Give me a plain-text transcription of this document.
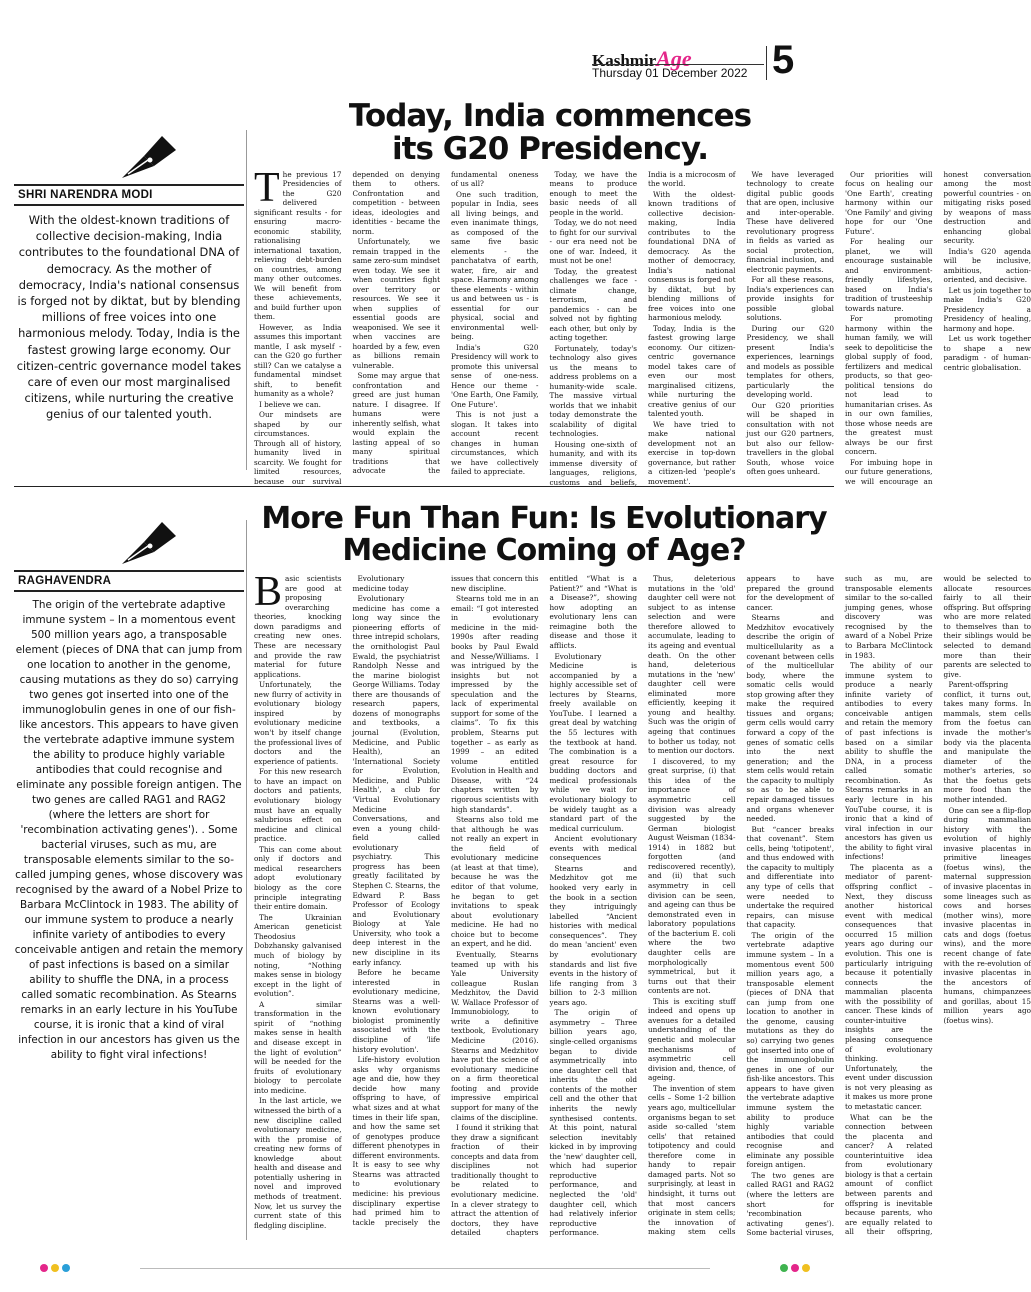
KashmirAge
Thursday 01 December 2022 5
Today, India commences
its G20 Presidency.
SHRI NARENDRA MODI
With the oldest-known traditions of collective decision-making, India contributes to the foundational DNA of democracy. As the mother of democracy, India's national consensus is forged not by diktat, but by blending millions of free voices into one harmonious melody. Today, India is the fastest growing large economy. Our citizen-centric governance model takes care of even our most marginalised citizens, while nurturing the creative genius of our talented youth.

The previous 17 Presidencies of the G20 delivered significant results - for ensuring macro-economic stability, rationalising international taxation, relieving debt-burden on countries, among many other outcomes. We will benefit from these achievements, and build further upon them.

However, as India assumes this important mantle, I ask myself - can the G20 go further still? Can we catalyse a fundamental mindset shift, to benefit humanity as a whole?

I believe we can.

Our mindsets are shaped by our circumstances. Through all of history, humanity lived in scarcity. We fought for limited resources, because our survival depended on denying them to others. Confrontation and competition - between ideas, ideologies and identities - became the norm.

Unfortunately, we remain trapped in the same zero-sum mindset even today. We see it when countries fight over territory or resources. We see it when supplies of essential goods are weaponised. We see it when vaccines are hoarded by a few, even as billions remain vulnerable.

Some may argue that confrontation and greed are just human nature. I disagree. If humans were inherently selfish, what would explain the lasting appeal of so many spiritual traditions that advocate the fundamental oneness of us all?

One such tradition, popular in India, sees all living beings, and even inanimate things, as composed of the same five basic elements - the panchatatva of earth, water, fire, air and space. Harmony among these elements - within us and between us - is essential for our physical, social and environmental well-being.

India's G20 Presidency will work to promote this universal sense of one-ness. Hence our theme - 'One Earth, One Family, One Future'.

This is not just a slogan. It takes into account recent changes in human circumstances, which we have collectively failed to appreciate.

Today, we have the means to produce enough to meet the basic needs of all people in the world.

Today, we do not need to fight for our survival - our era need not be one of war. Indeed, it must not be one!

Today, the greatest challenges we face - climate change, terrorism, and pandemics - can be solved not by fighting each other, but only by acting together.

Fortunately, today's technology also gives us the means to address problems on a humanity-wide scale. The massive virtual worlds that we inhabit today demonstrate the scalability of digital technologies.

Housing one-sixth of humanity, and with its immense diversity of languages, religions, customs and beliefs, India is a microcosm of the world.

With the oldest-known traditions of collective decision-making, India contributes to the foundational DNA of democracy. As the mother of democracy, India's national consensus is forged not by diktat, but by blending millions of free voices into one harmonious melody.

Today, India is the fastest growing large economy. Our citizen-centric governance model takes care of even our most marginalised citizens, while nurturing the creative genius of our talented youth.

We have tried to make national development not an exercise in top-down governance, but rather a citizen-led 'people's movement'.

We have leveraged technology to create digital public goods that are open, inclusive and inter-operable. These have delivered revolutionary progress in fields as varied as social protection, financial inclusion, and electronic payments.

For all these reasons, India's experiences can provide insights for possible global solutions.

During our G20 Presidency, we shall present India's experiences, learnings and models as possible templates for others, particularly the developing world.

Our G20 priorities will be shaped in consultation with not just our G20 partners, but also our fellow-travellers in the global South, whose voice often goes unheard.

Our priorities will focus on healing our 'One Earth', creating harmony within our 'One Family' and giving hope for our 'One Future'.

For healing our planet, we will encourage sustainable and environment-friendly lifestyles, based on India's tradition of trusteeship towards nature.

For promoting harmony within the human family, we will seek to depoliticise the global supply of food, fertilizers and medical products, so that geo-political tensions do not lead to humanitarian crises. As in our own families, those whose needs are the greatest must always be our first concern.

For imbuing hope in our future generations, we will encourage an honest conversation among the most powerful countries - on mitigating risks posed by weapons of mass destruction and enhancing global security.

India's G20 agenda will be inclusive, ambitious, action-oriented, and decisive.

Let us join together to make India's G20 Presidency a Presidency of healing, harmony and hope.

Let us work together to shape a new paradigm - of human-centric globalisation.

More Fun Than Fun: Is Evolutionary
Medicine Coming of Age?
RAGHAVENDRA
The origin of the vertebrate adaptive immune system – In a momentous event 500 million years ago, a transposable element (pieces of DNA that can jump from one location to another in the genome, causing mutations as they do so) carrying two genes got inserted into one of the immunoglobulin genes in one of our fish-like ancestors. This appears to have given the vertebrate adaptive immune system the ability to produce highly variable antibodies that could recognise and eliminate any possible foreign antigen. The two genes are called RAG1 and RAG2 (where the letters are short for 'recombination activating genes'). . Some bacterial viruses, such as mu, are transposable elements similar to the so-called jumping genes, whose discovery was recognised by the award of a Nobel Prize to Barbara McClintock in 1983. The ability of our immune system to produce a nearly infinite variety of antibodies to every conceivable antigen and retain the memory of past infections is based on a similar ability to shuffle the DNA, in a process called somatic recombination. As Stearns remarks in an early lecture in his YouTube course, it is ironic that a kind of viral infection in our ancestors has given us the ability to fight viral infections!

Basic scientists are good at proposing overarching theories, knocking down paradigms and creating new ones. These are necessary and provide the raw material for future applications.

Unfortunately, the new flurry of activity in evolutionary biology inspired by evolutionary medicine won't by itself change the professional lives of doctors and the experience of patients.

For this new research to have an impact on doctors and patients, evolutionary biology must have an equally salubrious effect on medicine and clinical practice.

This can come about only if doctors and medical researchers adopt evolutionary biology as the core principle integrating their entire domain.

The Ukrainian American geneticist Theodosius Dobzhansky galvanised much of biology by noting, “Nothing makes sense in biology except in the light of evolution”.

A similar transformation in the spirit of “nothing makes sense in health and disease except in the light of evolution” will be needed for the fruits of evolutionary biology to percolate into medicine.

In the last article, we witnessed the birth of a new discipline called evolutionary medicine, with the promise of creating new forms of knowledge about health and disease and potentially ushering in novel and improved methods of treatment. Now, let us survey the current state of this fledgling discipline.

Evolutionary medicine today

Evolutionary medicine has come a long way since the pioneering efforts of three intrepid scholars, the ornithologist Paul Ewald, the psychiatrist Randolph Nesse and the marine biologist George Williams. Today there are thousands of research papers, dozens of monographs and textbooks, a journal (Evolution, Medicine, and Public Health), an 'International Society for Evolution, Medicine, and Public Health', a club for 'Virtual Evolutionary Medicine Conversations, and even a young child-field called evolutionary psychiatry. This progress has been greatly facilitated by Stephen C. Stearns, the Edward P. Bass Professor of Ecology and Evolutionary Biology at Yale University, who took a deep interest in the new discipline in its early infancy.

Before he became interested in evolutionary medicine, Stearns was a well-known evolutionary biologist prominently associated with the discipline of 'life history evolution'.

Life-history evolution asks why organisms age and die, how they decide how many offspring to have, of what sizes and at what times in their life span, and how the same set of genotypes produce different phenotypes in different environments. It is easy to see why Stearns was attracted to evolutionary medicine: his previous disciplinary expertise had primed him to tackle precisely the issues that concern this new discipline.

Stearns told me in an email: “I got interested in evolutionary medicine in the mid-1990s after reading books by Paul Ewald and Nesse/Williams. I was intrigued by the insights but not impressed by the speculation and the lack of experimental support for some of the claims”. To fix this problem, Stearns put together – as early as 1999 – an edited volume entitled Evolution in Health and Disease, with “24 chapters written by rigorous scientists with high standards”.

Stearns also told me that although he was not really an expert in the field of evolutionary medicine (at least at that time), because he was the editor of that volume, he began to get invitations to speak about evolutionary medicine. He had no choice but to become an expert, and he did.

Eventually, Stearns teamed up with his Yale University colleague Ruslan Medzhitov, the David W. Wallace Professor of Immunobiology, to write a definitive textbook, Evolutionary Medicine (2016). Stearns and Medzhitov have put the science of evolutionary medicine on a firm theoretical footing and provide impressive empirical support for many of the claims of the discipline.

I found it striking that they draw a significant fraction of their concepts and data from disciplines not traditionally thought to be related to evolutionary medicine. In a clever strategy to attract the attention of doctors, they have detailed chapters entitled “What is a Patient?” and “What is a Disease?”, showing how adopting an evolutionary lens can reimagine both the disease and those it afflicts.

Evolutionary Medicine is accompanied by a highly accessible set of lectures by Stearns, freely available on YouTube. I learned a great deal by watching the 55 lectures with the textbook at hand. The combination is a great resource for budding doctors and medical professionals while we wait for evolutionary biology to be widely taught as a standard part of the medical curriculum.

Ancient evolutionary events with medical consequences

Stearns and Medzhitov got me hooked very early in the book in a section they intriguingly labelled “Ancient histories with medical consequences”. They do mean 'ancient' even by evolutionary standards and list five events in the history of life ranging from 3 billion to 2-3 million years ago.

The origin of asymmetry – Three billion years ago, single-celled organisms began to divide asymmetrically into one daughter cell that inherits the old contents of the mother cell and the other that inherits the newly synthesised contents. At this point, natural selection inevitably kicked in by improving the 'new' daughter cell, which had superior reproductive performance, and neglected the 'old' daughter cell, which had relatively inferior reproductive performance.

Thus, deleterious mutations in the 'old' daughter cell were not subject to as intense selection and were therefore allowed to accumulate, leading to its ageing and eventual death. On the other hand, deleterious mutations in the 'new' daughter cell were eliminated more efficiently, keeping it young and healthy. Such was the origin of ageing that continues to bother us today, not to mention our doctors.

I discovered, to my great surprise, (i) that this idea of the importance of asymmetric cell division was already suggested by the German biologist August Weisman (1834-1914) in 1882 but forgotten (and rediscovered recently), and (ii) that such asymmetry in cell division can be seen, and ageing can thus be demonstrated even in laboratory populations of the bacterium E. coli where the two daughter cells are morphologically symmetrical, but it turns out that their contents are not.

This is exciting stuff indeed and opens up avenues for a detailed understanding of the genetic and molecular mechanisms of asymmetric cell division and, thence, of ageing.

The invention of stem cells – Some 1-2 billion years ago, multicellular organisms began to set aside so-called 'stem cells' that retained totipotency and could therefore come in handy to repair damaged parts. Not so surprisingly, at least in hindsight, it turns out that most cancers originate in stem cells; the innovation of making stem cells appears to have prepared the ground for the development of cancer.

Stearns and Medzhitov evocatively describe the origin of multicellularity as a covenant between cells of the multicellular body, where the somatic cells would stop growing after they make the required tissues and organs; germ cells would carry forward a copy of the genes of somatic cells into the next generation; and the stem cells would retain the capacity to multiply so as to be able to repair damaged tissues and organs whenever needed.

But “cancer breaks that covenant”. Stem cells, being 'totipotent', and thus endowed with the capacity to multiply and differentiate into any type of cells that were needed to undertake the required repairs, can misuse that capacity.

The origin of the vertebrate adaptive immune system – In a momentous event 500 million years ago, a transposable element (pieces of DNA that can jump from one location to another in the genome, causing mutations as they do so) carrying two genes got inserted into one of the immunoglobulin genes in one of our fish-like ancestors. This appears to have given the vertebrate adaptive immune system the ability to produce highly variable antibodies that could recognise and eliminate any possible foreign antigen.

The two genes are called RAG1 and RAG2 (where the letters are short for 'recombination activating genes'). Some bacterial viruses, such as mu, are transposable elements similar to the so-called jumping genes, whose discovery was recognised by the award of a Nobel Prize to Barbara McClintock in 1983.

The ability of our immune system to produce a nearly infinite variety of antibodies to every conceivable antigen and retain the memory of past infections is based on a similar ability to shuffle the DNA, in a process called somatic recombination. As Stearns remarks in an early lecture in his YouTube course, it is ironic that a kind of viral infection in our ancestors has given us the ability to fight viral infections!

The placenta as a mediator of parent-offspring conflict – Next, they discuss another historical event with medical consequences that occurred 15 million years ago during our evolution. This one is particularly intriguing because it potentially connects the mammalian placenta with the possibility of cancer. These kinds of counter-intuitive insights are the pleasing consequence of evolutionary thinking. Unfortunately, the event under discussion is not very pleasing as it makes us more prone to metastatic cancer.

What can be the connection between the placenta and cancer? A related counterintuitive idea from evolutionary biology is that a certain amount of conflict between parents and offspring is inevitable because parents, who are equally related to all their offspring, would be selected to allocate resources fairly to all their offspring. But offspring who are more related to themselves than to their siblings would be selected to demand more than their parents are selected to give.

Parent-offspring conflict, it turns out, takes many forms. In mammals, stem cells from the foetus can invade the mother's body via the placenta and manipulate the diameter of the mother's arteries, so that the foetus gets more food than the mother intended.

One can see a flip-flop during mammalian history with the evolution of highly invasive placentas in primitive lineages (foetus wins), the maternal suppression of invasive placentas in some lineages such as cows and horses (mother wins), more invasive placentas in cats and dogs (foetus wins), and the more recent change of fate with the re-evolution of invasive placentas in the ancestors of humans, chimpanzees and gorillas, about 15 million years ago (foetus wins).
